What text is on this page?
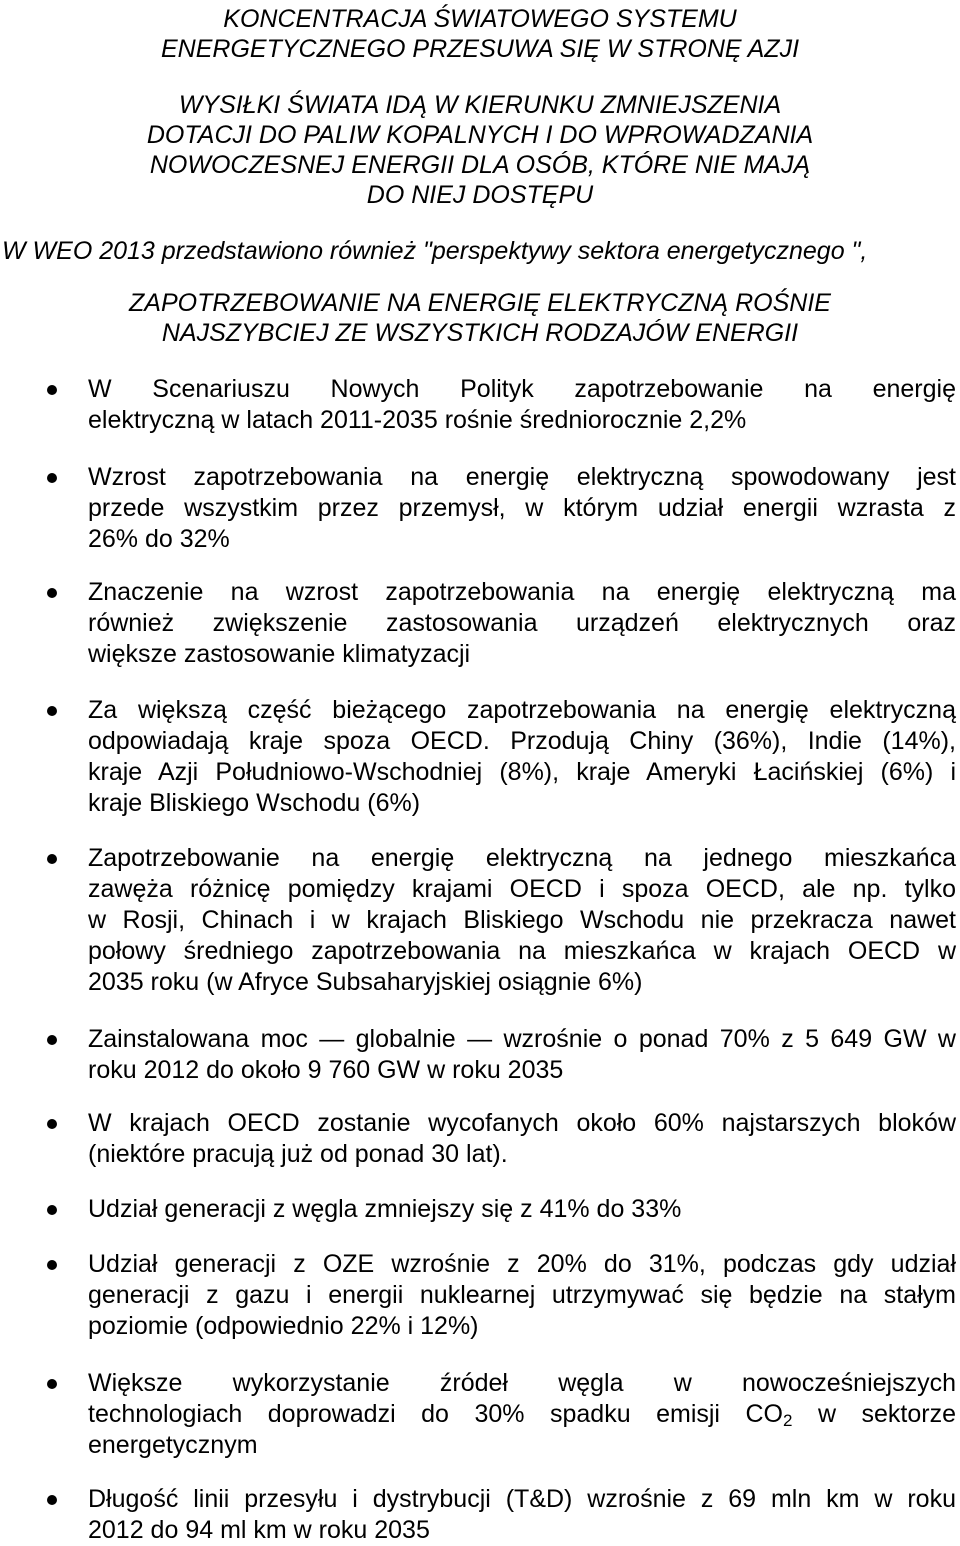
KONCENTRACJA ŚWIATOWEGO SYSTEMU
ENERGETYCZNEGO PRZESUWA SIĘ W STRONĘ AZJI
WYSIŁKI ŚWIATA IDĄ W KIERUNKU ZMNIEJSZENIA
DOTACJI DO PALIW KOPALNYCH I DO WPROWADZANIA
NOWOCZESNEJ ENERGII DLA OSÓB, KTÓRE NIE MAJĄ
DO NIEJ DOSTĘPU

W WEO 2013 przedstawiono również "perspektywy sektora energetycznego ",

ZAPOTRZEBOWANIE NA ENERGIĘ ELEKTRYCZNĄ ROŚNIE
NAJSZYBCIEJ ZE WSZYSTKICH RODZAJÓW ENERGII
W Scenariuszu Nowych Polityk zapotrzebowanie na energię
elektryczną w latach 2011-2035 rośnie średniorocznie 2,2%
Wzrost zapotrzebowania na energię elektryczną spowodowany jest
przede wszystkim przez przemysł, w którym udział energii wzrasta z
26% do 32%
Znaczenie na wzrost zapotrzebowania na energię elektryczną ma
również zwiększenie zastosowania urządzeń elektrycznych oraz
większe zastosowanie klimatyzacji
Za większą część bieżącego zapotrzebowania na energię elektryczną
odpowiadają kraje spoza OECD. Przodują Chiny (36%), Indie (14%),
kraje Azji Południowo-Wschodniej (8%), kraje Ameryki Łacińskiej (6%) i
kraje Bliskiego Wschodu (6%)
Zapotrzebowanie na energię elektryczną na jednego mieszkańca
zawęża różnicę pomiędzy krajami OECD i spoza OECD, ale np. tylko
w Rosji, Chinach i w krajach Bliskiego Wschodu nie przekracza nawet
połowy średniego zapotrzebowania na mieszkańca w krajach OECD w
2035 roku (w Afryce Subsaharyjskiej osiągnie 6%)
Zainstalowana moc — globalnie — wzrośnie o ponad 70% z 5 649 GW w
roku 2012 do około 9 760 GW w roku 2035
W krajach OECD zostanie wycofanych około 60% najstarszych bloków
(niektóre pracują już od ponad 30 lat).
Udział generacji z węgla zmniejszy się z 41% do 33%
Udział generacji z OZE wzrośnie z 20% do 31%, podczas gdy udział
generacji z gazu i energii nuklearnej utrzymywać się będzie na stałym
poziomie (odpowiednio 22% i 12%)
Większe wykorzystanie źródeł węgla w nowocześniejszych
technologiach doprowadzi do 30% spadku emisji $CO_2$ w sektorze
energetycznym
Długość linii przesyłu i dystrybucji (T&D) wzrośnie z 69 mln km w roku
2012 do 94 ml km w roku 2035
